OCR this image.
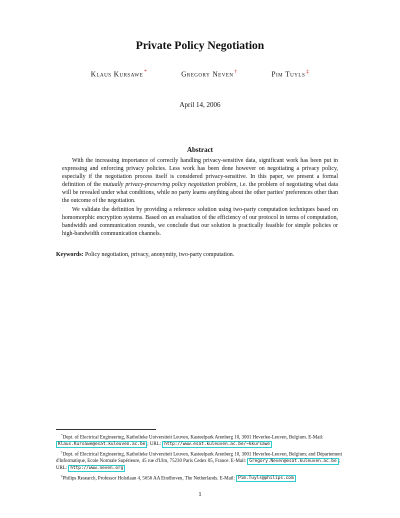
Private Policy Negotiation
Klaus Kursawe*	Gregory Neven†	Pim Tuyls‡
April 14, 2006
Abstract

With the increasing importance of correctly handling privacy-sensitive data, significant work has been put in expressing and enforcing privacy policies. Less work has been done however on negotiating a privacy policy, especially if the negotiation process itself is considered privacy-sensitive. In this paper, we present a formal definition of the mutually privacy-preserving policy negotiation problem, i.e. the problem of negotiating what data will be revealed under what conditions, while no party learns anything about the other parties' preferences other than the outcome of the negotiation.

We validate the definition by providing a reference solution using two-party computation techniques based on homomorphic encryption systems. Based on an evaluation of the efficiency of our protocol in terms of computation, bandwidth and communication rounds, we conclude that our solution is practically feasible for simple policies or high-bandwidth communication channels.

Keywords: Policy negotiation, privacy, anonymity, two-party computation.

*Dept. of Electrical Engineering, Katholieke Universiteit Leuven, Kasteelpark Arenberg 10, 3001 Heverlee-Leuven, Belgium. E-Mail: Klaus.Kursawe@esat.kuleuven.ac.be ; URL: http://www.esat.kuleuven.ac.be/~kkursawe

†Dept. of Electrical Engineering, Katholieke Universiteit Leuven, Kasteelpark Arenberg 10, 3001 Heverlee-Leuven, Belgium; and Département d'Informatique, Ecole Normale Supérieure, 45 rue d'Ulm, 75230 Paris Cedex 05, France. E-Mail: Gregory.Neven@esat.kuleuven.ac.be ; URL: http://www.neven.org

‡Philips Research, Professor Holstlaan 4, 5656 AA Eindhoven, The Netherlands. E-Mail: Pim.Tuyls@philips.com

1
